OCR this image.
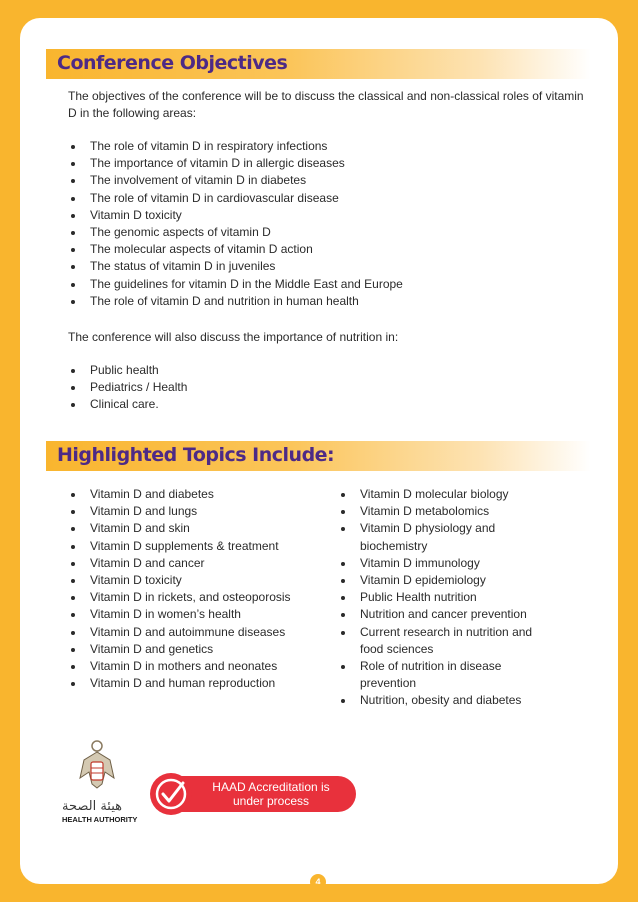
Conference Objectives
The objectives of the conference will be to discuss the classical and non-classical roles of vitamin D in the following areas:
The role of vitamin D in respiratory infections
The importance of vitamin D in allergic diseases
The involvement of vitamin D in diabetes
The role of vitamin D in cardiovascular disease
Vitamin D toxicity
The genomic aspects of vitamin D
The molecular aspects of vitamin D action
The status of vitamin D in juveniles
The guidelines for vitamin D in the Middle East and Europe
The role of vitamin D and nutrition in human health
The conference will also discuss the importance of nutrition in:
Public health
Pediatrics / Health
Clinical care.
Highlighted Topics Include:
Vitamin D and diabetes
Vitamin D and lungs
Vitamin D and skin
Vitamin D supplements & treatment
Vitamin D and cancer
Vitamin D toxicity
Vitamin D in rickets, and osteoporosis
Vitamin D in women’s health
Vitamin D and autoimmune diseases
Vitamin D and genetics
Vitamin D in mothers and neonates
Vitamin D and human reproduction
Vitamin D molecular biology
Vitamin D metabolomics
Vitamin D physiology and biochemistry
Vitamin D immunology
Vitamin D epidemiology
Public Health nutrition
Nutrition and cancer prevention
Current research in nutrition and food sciences
Role of nutrition in disease prevention
Nutrition, obesity and diabetes
هيئة الصحة
HEALTH AUTHORITY
HAAD Accreditation is under process
4
